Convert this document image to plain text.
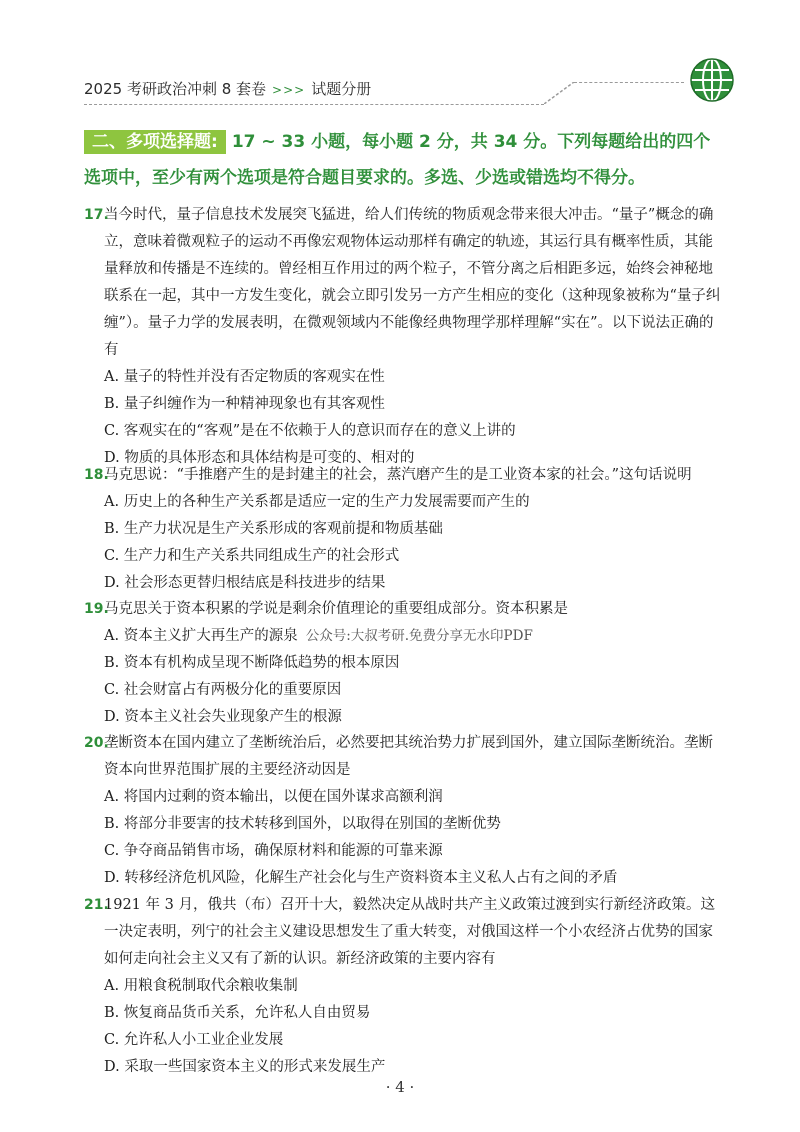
2025 考研政治冲刺 8 套卷 >>> 试题分册
二、多项选择题: 17 ~ 33 小题，每小题 2 分，共 34 分。下列每题给出的四个选项中，至少有两个选项是符合题目要求的。多选、少选或错选均不得分。
17.
当今时代，量子信息技术发展突飞猛进，给人们传统的物质观念带来很大冲击。“量子”概念的确立，意味着微观粒子的运动不再像宏观物体运动那样有确定的轨迹，其运行具有概率性质，其能量释放和传播是不连续的。曾经相互作用过的两个粒子，不管分离之后相距多远，始终会神秘地联系在一起，其中一方发生变化，就会立即引发另一方产生相应的变化（这种现象被称为“量子纠缠”）。量子力学的发展表明，在微观领域内不能像经典物理学那样理解“实在”。以下说法正确的有
A. 量子的特性并没有否定物质的客观实在性
B. 量子纠缠作为一种精神现象也有其客观性
C. 客观实在的“客观”是在不依赖于人的意识而存在的意义上讲的
D. 物质的具体形态和具体结构是可变的、相对的
18.
马克思说：“手推磨产生的是封建主的社会，蒸汽磨产生的是工业资本家的社会。”这句话说明
A. 历史上的各种生产关系都是适应一定的生产力发展需要而产生的
B. 生产力状况是生产关系形成的客观前提和物质基础
C. 生产力和生产关系共同组成生产的社会形式
D. 社会形态更替归根结底是科技进步的结果
19.
马克思关于资本积累的学说是剩余价值理论的重要组成部分。资本积累是
A. 资本主义扩大再生产的源泉 公众号:大叔考研.免费分享无水印PDF
B. 资本有机构成呈现不断降低趋势的根本原因
C. 社会财富占有两极分化的重要原因
D. 资本主义社会失业现象产生的根源
20.
垄断资本在国内建立了垄断统治后，必然要把其统治势力扩展到国外，建立国际垄断统治。垄断资本向世界范围扩展的主要经济动因是
A. 将国内过剩的资本输出，以便在国外谋求高额利润
B. 将部分非要害的技术转移到国外，以取得在别国的垄断优势
C. 争夺商品销售市场，确保原材料和能源的可靠来源
D. 转移经济危机风险，化解生产社会化与生产资料资本主义私人占有之间的矛盾
21.
1921 年 3 月，俄共（布）召开十大，毅然决定从战时共产主义政策过渡到实行新经济政策。这一决定表明，列宁的社会主义建设思想发生了重大转变，对俄国这样一个小农经济占优势的国家如何走向社会主义又有了新的认识。新经济政策的主要内容有
A. 用粮食税制取代余粮收集制
B. 恢复商品货币关系，允许私人自由贸易
C. 允许私人小工业企业发展
D. 采取一些国家资本主义的形式来发展生产
· 4 ·
